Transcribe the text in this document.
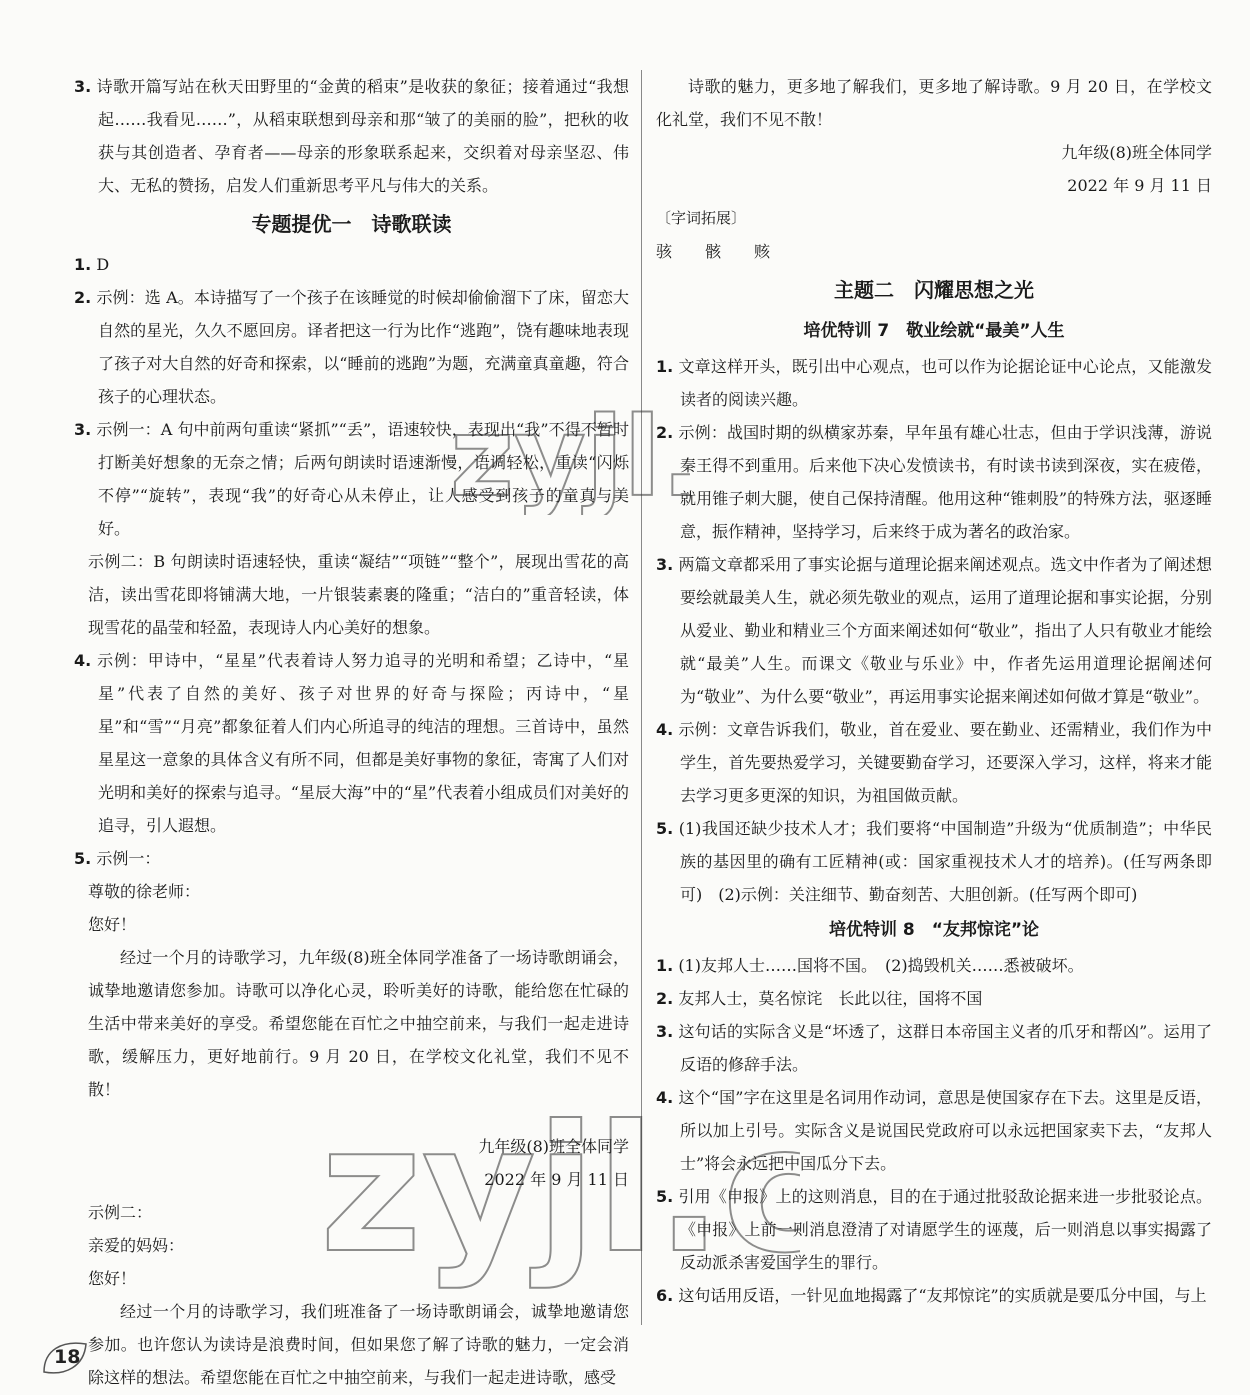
3. 诗歌开篇写站在秋天田野里的“金黄的稻束”是收获的象征；接着通过“我想起……我看见……”，从稻束联想到母亲和那“皱了的美丽的脸”，把秋的收获与其创造者、孕育者——母亲的形象联系起来，交织着对母亲坚忍、伟大、无私的赞扬，启发人们重新思考平凡与伟大的关系。

专题提优一　诗歌联读

1. D

2. 示例：选 A。本诗描写了一个孩子在该睡觉的时候却偷偷溜下了床，留恋大自然的星光，久久不愿回房。译者把这一行为比作“逃跑”，饶有趣味地表现了孩子对大自然的好奇和探索，以“睡前的逃跑”为题，充满童真童趣，符合孩子的心理状态。

3. 示例一：A 句中前两句重读“紧抓”“丢”，语速较快，表现出“我”不得不暂时打断美好想象的无奈之情；后两句朗读时语速渐慢，语调轻松，重读“闪烁不停”“旋转”，表现“我”的好奇心从未停止，让人感受到孩子的童真与美好。

示例二：B 句朗读时语速轻快，重读“凝结”“项链”“整个”，展现出雪花的高洁，读出雪花即将铺满大地，一片银装素裹的隆重；“洁白的”重音轻读，体现雪花的晶莹和轻盈，表现诗人内心美好的想象。

4. 示例：甲诗中，“星星”代表着诗人努力追寻的光明和希望；乙诗中，“星星”代表了自然的美好、孩子对世界的好奇与探险；丙诗中，“星星”和“雪”“月亮”都象征着人们内心所追寻的纯洁的理想。三首诗中，虽然星星这一意象的具体含义有所不同，但都是美好事物的象征，寄寓了人们对光明和美好的探索与追寻。“星辰大海”中的“星”代表着小组成员们对美好的追寻，引人遐想。

5. 示例一：

尊敬的徐老师：

您好！

经过一个月的诗歌学习，九年级(8)班全体同学准备了一场诗歌朗诵会，诚挚地邀请您参加。诗歌可以净化心灵，聆听美好的诗歌，能给您在忙碌的生活中带来美好的享受。希望您能在百忙之中抽空前来，与我们一起走进诗歌，缓解压力，更好地前行。9 月 20 日，在学校文化礼堂，我们不见不散！

九年级(8)班全体同学

2022 年 9 月 11 日

示例二：

亲爱的妈妈：

您好！

经过一个月的诗歌学习，我们班准备了一场诗歌朗诵会，诚挚地邀请您参加。也许您认为读诗是浪费时间，但如果您了解了诗歌的魅力，一定会消除这样的想法。希望您能在百忙之中抽空前来，与我们一起走进诗歌，感受

诗歌的魅力，更多地了解我们，更多地了解诗歌。9 月 20 日，在学校文化礼堂，我们不见不散！

九年级(8)班全体同学

2022 年 9 月 11 日

〔字词拓展〕

骇 骸 赅

主题二　闪耀思想之光
培优特训 7　敬业绘就“最美”人生

1. 文章这样开头，既引出中心观点，也可以作为论据论证中心论点，又能激发读者的阅读兴趣。

2. 示例：战国时期的纵横家苏秦，早年虽有雄心壮志，但由于学识浅薄，游说秦王得不到重用。后来他下决心发愤读书，有时读书读到深夜，实在疲倦，就用锥子刺大腿，使自己保持清醒。他用这种“锥刺股”的特殊方法，驱逐睡意，振作精神，坚持学习，后来终于成为著名的政治家。

3. 两篇文章都采用了事实论据与道理论据来阐述观点。选文中作者为了阐述想要绘就最美人生，就必须先敬业的观点，运用了道理论据和事实论据，分别从爱业、勤业和精业三个方面来阐述如何“敬业”，指出了人只有敬业才能绘就“最美”人生。而课文《敬业与乐业》中，作者先运用道理论据阐述何为“敬业”、为什么要“敬业”，再运用事实论据来阐述如何做才算是“敬业”。

4. 示例：文章告诉我们，敬业，首在爱业、要在勤业、还需精业，我们作为中学生，首先要热爱学习，关键要勤奋学习，还要深入学习，这样，将来才能去学习更多更深的知识，为祖国做贡献。

5. (1)我国还缺少技术人才；我们要将“中国制造”升级为“优质制造”；中华民族的基因里的确有工匠精神(或：国家重视技术人才的培养)。(任写两条即可)　(2)示例：关注细节、勤奋刻苦、大胆创新。(任写两个即可)

培优特训 8　“友邦惊诧”论

1. (1)友邦人士……国将不国。　(2)捣毁机关……悉被破坏。

2. 友邦人士，莫名惊诧　长此以往，国将不国

3. 这句话的实际含义是“坏透了，这群日本帝国主义者的爪牙和帮凶”。运用了反语的修辞手法。

4. 这个“国”字在这里是名词用作动词，意思是使国家存在下去。这里是反语，所以加上引号。实际含义是说国民党政府可以永远把国家卖下去，“友邦人士”将会永远把中国瓜分下去。

5. 引用《申报》上的这则消息，目的在于通过批驳敌论据来进一步批驳论点。《申报》上前一则消息澄清了对请愿学生的诬蔑，后一则消息以事实揭露了反动派杀害爱国学生的罪行。

6. 这句话用反语，一针见血地揭露了“友邦惊诧”的实质就是要瓜分中国，与上

18
zyjl
zyjl.c
